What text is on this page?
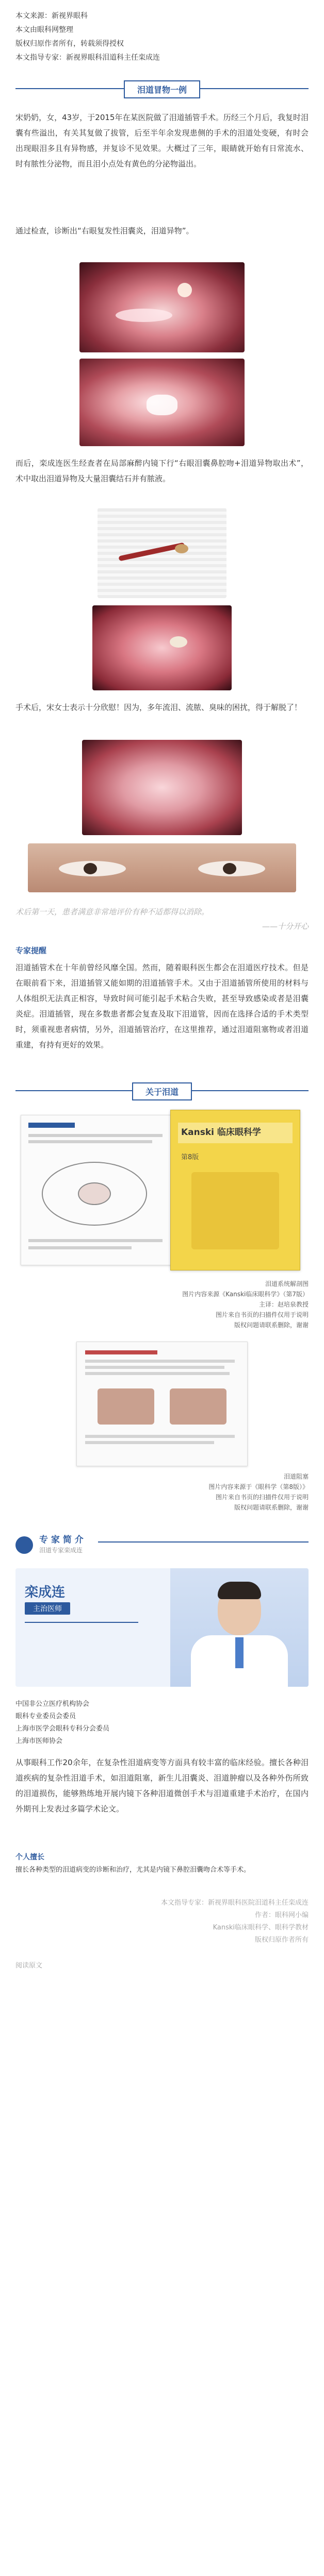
本文来源：新视界眼科
本文由眼科网整理
版权归原作者所有，转载须得授权
本文指导专家：新视界眼科泪道科主任栾成连
泪道冒物一例
宋奶奶，女，43岁，于2015年在某医院做了泪道插管手术。历经三个月后，我复时泪囊有些溢出，有关其复做了拔管，后至半年余发现患侧的手术的泪道处变硬，有时会出现眼泪多且有异物感，并复诊不见效果。大概过了三年，眼睛就开始有日常流水、时有脓性分泌物，而且泪小点处有黄色的分泌物溢出。
通过检查，诊断出“右眼复发性泪囊炎，泪道异物”。
而后，栾成连医生经查者在局部麻醉内镜下行“右眼泪囊鼻腔吻+泪道异物取出术”，术中取出泪道异物及大量泪囊结石并有脓液。
手术后，宋女士表示十分欣慰！因为，多年流泪、流脓、臭味的困扰，得于解脱了！
术后第一天，患者满意非常地评价有种不适都得以消除。
——十分开心
专家提醒
泪道插管术在十年前曾经风靡全国。然而，随着眼科医生都会在泪道医疗技术。但是在眼前看下来，泪道插管又能如期的泪道插管手术。又由于泪道插管所使用的材料与人体组织无法真正相容，导致时间可能引起手术粘合失败，甚至导致感染或者是泪囊炎症。泪道插管，现在多数患者都会复查及取下泪道管，因而在选择合适的手术类型时，须重视患者病情，另外，泪道插管治疗，在这里推荐，通过泪道阻塞物或者泪道重建，有持有更好的效果。
关于泪道
Kanski 临床眼科学
第8版
泪道系统解剖图
图片内容来源《Kanski临床眼科学》（第7版）
主译：赵培泉教授
图片来自书页的扫描件仅用于说明
版权问题请联系删除，谢谢
泪道阻塞
图片内容来源于《眼科学（第8版）》
图片来自书页的扫描件仅用于说明
版权问题请联系删除，谢谢
专 家 简 介
泪道专家栾成连
栾成连
主治医师
中国非公立医疗机构协会
眼科专业委员会委员
上海市医学会眼科专科分会委员
上海市医师协会
从事眼科工作20余年，在复杂性泪道病变等方面具有较丰富的临床经验。擅长各种泪道疾病的复杂性泪道手术，如泪道阻塞，新生儿泪囊炎、泪道肿瘤以及各种外伤所致的泪道损伤，能够熟练地开展内镜下各种泪道微创手术与泪道重建手术治疗，在国内外期刊上发表过多篇学术论文。
个人擅长
擅长各种类型的泪道病变的诊断和治疗，尤其是内镜下鼻腔泪囊吻合术等手术。
本文指导专家：新视界眼科医院泪道科主任栾成连
作者：眼科网小编
Kanski临床眼科学、眼科学教材
版权归原作者所有
阅读原文
